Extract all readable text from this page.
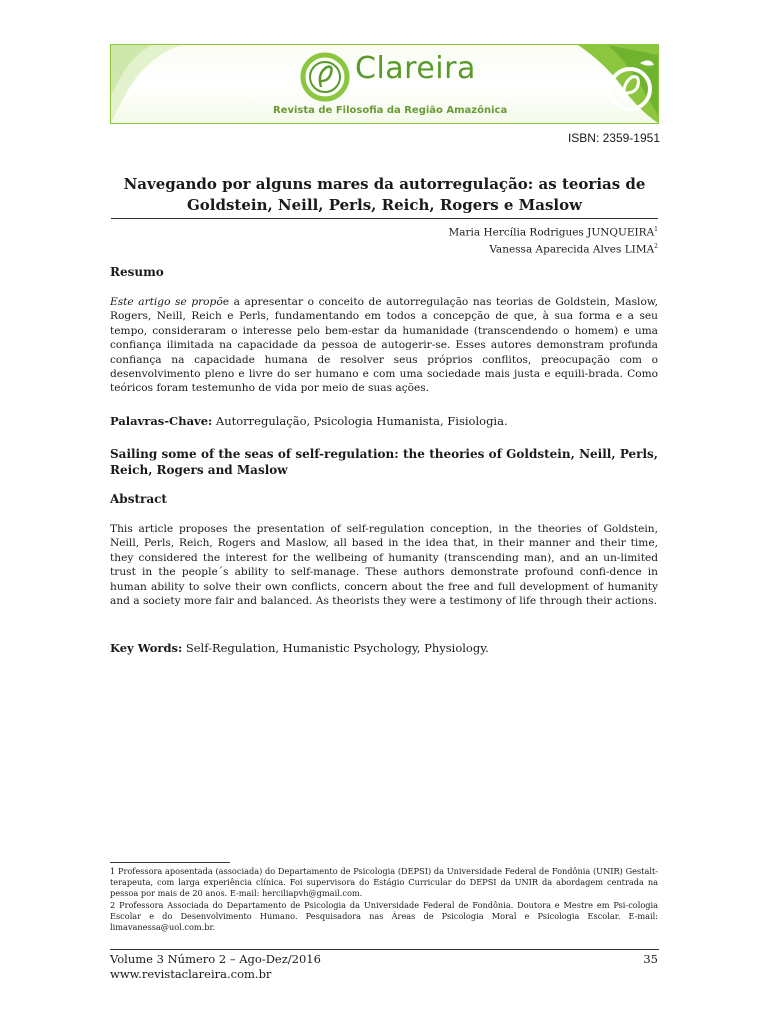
Clareira
Revista de Filosofia da Região Amazônica
ISBN: 2359-1951
Navegando por alguns mares da autorregulação: as teorias de
Goldstein, Neill, Perls, Reich, Rogers e Maslow
Maria Hercília Rodrigues JUNQUEIRA$^1$
Vanessa Aparecida Alves LIMA$^2$
Resumo

Este artigo se propõe a apresentar o conceito de autorregulação nas teorias de Goldstein, Maslow, Rogers, Neill, Reich e Perls, fundamentando em todos a concepção de que, à sua forma e a seu tempo, consideraram o interesse pelo bem-estar da humanidade (transcendendo o homem) e uma confiança ilimitada na capacidade da pessoa de autogerir-se. Esses autores demonstram profunda confiança na capacidade humana de resolver seus próprios conflitos, preocupação com o desenvolvimento pleno e livre do ser humano e com uma sociedade mais justa e equili-brada. Como teóricos foram testemunho de vida por meio de suas ações.

Palavras-Chave: Autorregulação, Psicologia Humanista, Fisiologia.
Sailing some of the seas of self-regulation: the theories of Goldstein, Neill, Perls, Reich, Rogers and Maslow
Abstract

This article proposes the presentation of self-regulation conception, in the theories of Goldstein, Neill, Perls, Reich, Rogers and Maslow, all based in the idea that, in their manner and their time, they considered the interest for the wellbeing of humanity (transcending man), and an un-limited trust in the people´s ability to self-manage. These authors demonstrate profound confi-dence in human ability to solve their own conflicts, concern about the free and full development of humanity and a society more fair and balanced. As theorists they were a testimony of life through their actions.

Key Words: Self-Regulation, Humanistic Psychology, Physiology.

1 Professora aposentada (associada) do Departamento de Psicologia (DEPSI) da Universidade Federal de Fondônia (UNIR) Gestalt-terapeuta, com larga experiência clínica. Foi supervisora do Estágio Curricular do DEPSI da UNIR da abordagem centrada na pessoa por mais de 20 anos. E-mail: herciliapvh@gmail.com.

2 Professora Associada do Departamento de Psicologia da Universidade Federal de Fondônia. Doutora e Mestre em Psi-cologia Escolar e do Desenvolvimento Humano. Pesquisadora nas Áreas de Psicologia Moral e Psicologia Escolar. E-mail: limavanessa@uol.com.br.

Volume 3 Número 2 – Ago-Dez/2016
www.revistaclareira.com.br
35
